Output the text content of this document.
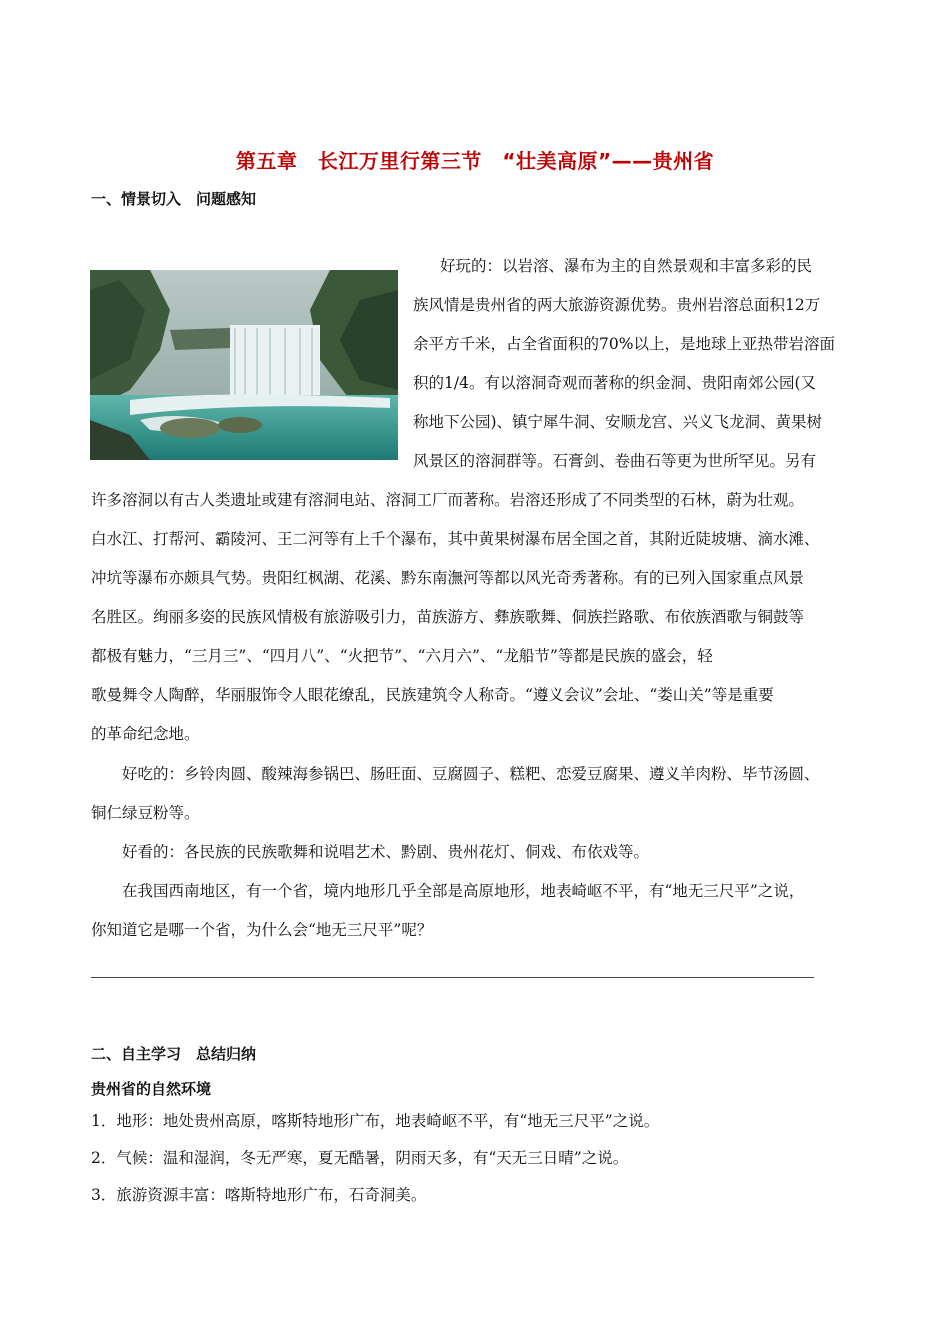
第五章　长江万里行第三节　“壮美高原”——贵州省
一、情景切入　问题感知
好玩的：以岩溶、瀑布为主的自然景观和丰富多彩的民
族风情是贵州省的两大旅游资源优势。贵州岩溶总面积12万
余平方千米，占全省面积的70%以上，是地球上亚热带岩溶面
积的1/4。有以溶洞奇观而著称的织金洞、贵阳南郊公园(又
称地下公园)、镇宁犀牛洞、安顺龙宫、兴义飞龙洞、黄果树
风景区的溶洞群等。石膏剑、卷曲石等更为世所罕见。另有
许多溶洞以有古人类遗址或建有溶洞电站、溶洞工厂而著称。岩溶还形成了不同类型的石林，蔚为壮观。
白水江、打帮河、霸陵河、王二河等有上千个瀑布，其中黄果树瀑布居全国之首，其附近陡坡塘、滴水滩、
冲坑等瀑布亦颇具气势。贵阳红枫湖、花溪、黔东南潕河等都以风光奇秀著称。有的已列入国家重点风景
名胜区。绚丽多姿的民族风情极有旅游吸引力，苗族游方、彝族歌舞、侗族拦路歌、布依族酒歌与铜鼓等
都极有魅力，“三月三”、“四月八”、“火把节”、“六月六”、“龙船节”等都是民族的盛会，轻
歌曼舞令人陶醉，华丽服饰令人眼花缭乱，民族建筑令人称奇。“遵义会议”会址、“娄山关”等是重要
的革命纪念地。
好吃的：乡铃肉圆、酸辣海参锅巴、肠旺面、豆腐圆子、糕粑、恋爱豆腐果、遵义羊肉粉、毕节汤圆、
铜仁绿豆粉等。
好看的：各民族的民族歌舞和说唱艺术、黔剧、贵州花灯、侗戏、布依戏等。
在我国西南地区，有一个省，境内地形几乎全部是高原地形，地表崎岖不平，有“地无三尺平”之说，
你知道它是哪一个省，为什么会“地无三尺平”呢？
二、自主学习　总结归纳
贵州省的自然环境
1．地形：地处贵州高原，喀斯特地形广布，地表崎岖不平，有“地无三尺平”之说。
2．气候：温和湿润，冬无严寒，夏无酷暑，阴雨天多，有“天无三日晴”之说。
3．旅游资源丰富：喀斯特地形广布，石奇洞美。
